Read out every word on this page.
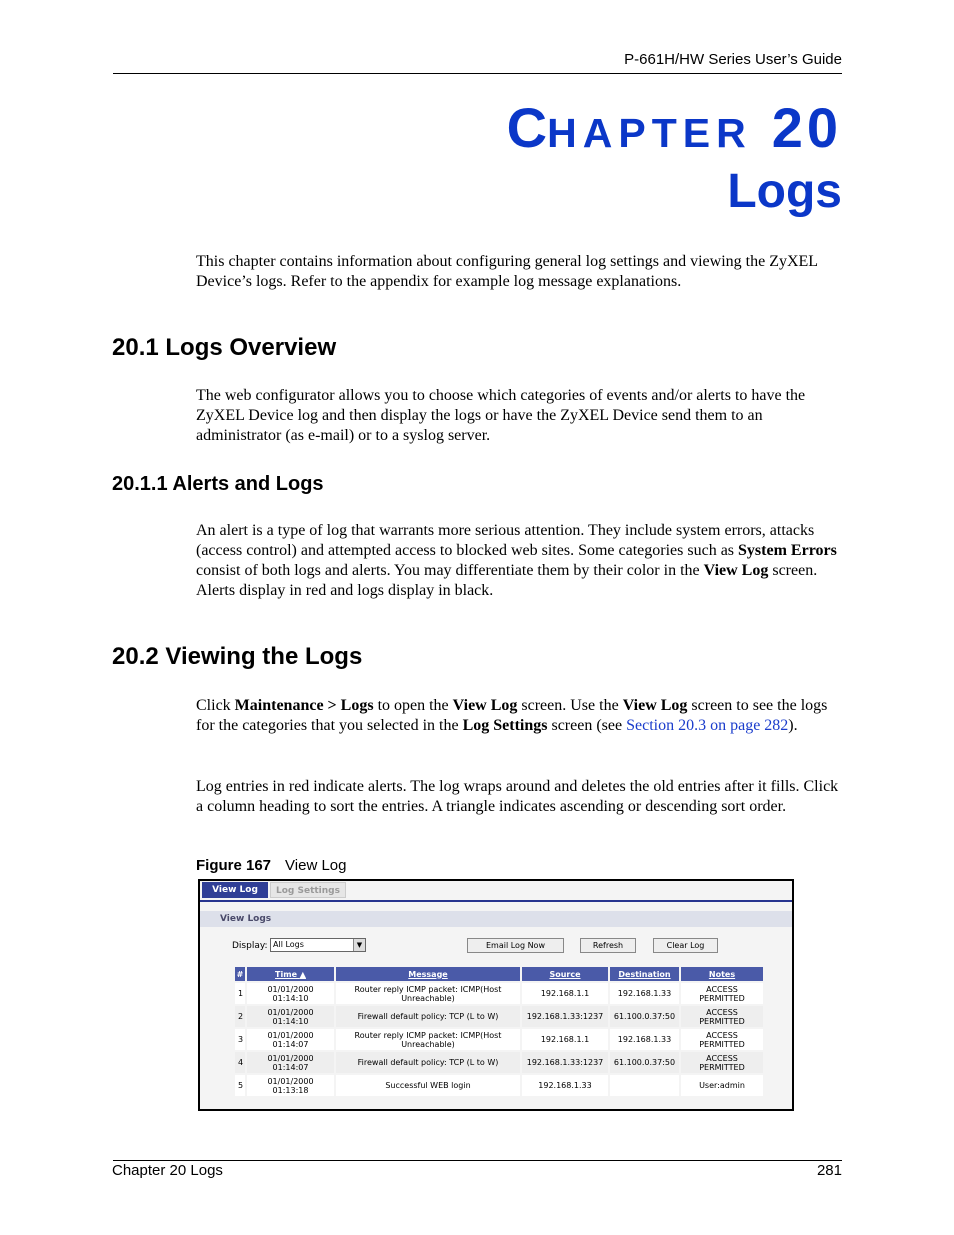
P-661H/HW Series User’s Guide
CHAPTER 20
Logs
This chapter contains information about configuring general log settings and viewing the ZyXEL Device’s logs. Refer to the appendix for example log message explanations.
20.1 Logs Overview
The web configurator allows you to choose which categories of events and/or alerts to have the ZyXEL Device log and then display the logs or have the ZyXEL Device send them to an administrator (as e-mail) or to a syslog server.
20.1.1 Alerts and Logs
An alert is a type of log that warrants more serious attention. They include system errors, attacks (access control) and attempted access to blocked web sites. Some categories such as System Errors consist of both logs and alerts. You may differentiate them by their color in the View Log screen. Alerts display in red and logs display in black.
20.2 Viewing the Logs
Click Maintenance > Logs to open the View Log screen. Use the View Log screen to see the logs for the categories that you selected in the Log Settings screen (see Section 20.3 on page 282).
Log entries in red indicate alerts. The log wraps around and deletes the old entries after it fills. Click a column heading to sort the entries. A triangle indicates ascending or descending sort order.
Figure 167 View Log
View Log	Log Settings
View Logs
Display: All Logs	▼	Email Log Now	Refresh	Clear Log
#	Time ▲	Message	Source	Destination	Notes
1	01/01/2000
01:14:10	Router reply ICMP packet: ICMP(Host
Unreachable)	192.168.1.1	192.168.1.33	ACCESS
PERMITTED
2	01/01/2000
01:14:10	Firewall default policy: TCP (L to W)	192.168.1.33:1237	61.100.0.37:50	ACCESS
PERMITTED
3	01/01/2000
01:14:07	Router reply ICMP packet: ICMP(Host
Unreachable)	192.168.1.1	192.168.1.33	ACCESS
PERMITTED
4	01/01/2000
01:14:07	Firewall default policy: TCP (L to W)	192.168.1.33:1237	61.100.0.37:50	ACCESS
PERMITTED
5	01/01/2000
01:13:18	Successful WEB login	192.168.1.33		User:admin
Chapter 20 Logs	281
